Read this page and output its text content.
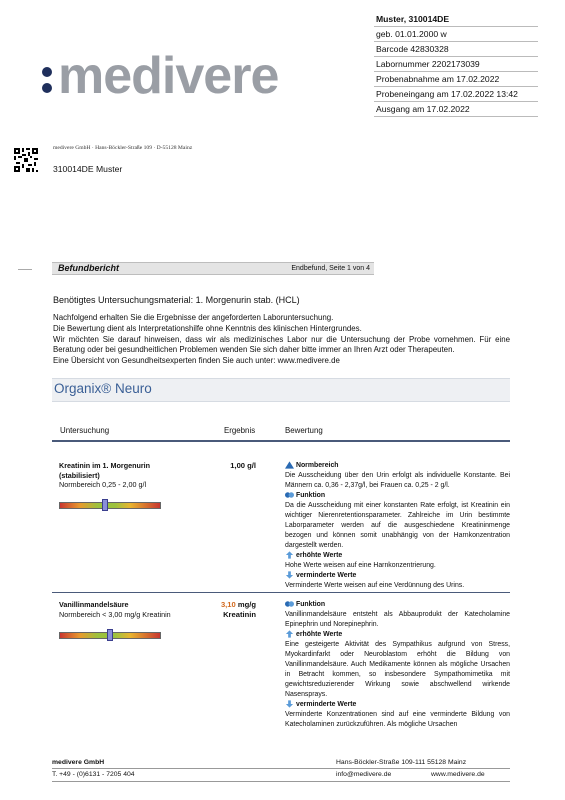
Muster, 310014DE
geb. 01.01.2000 w
Barcode 42830328
Labornummer 2202173039
Probenabnahme am 17.02.2022
Probeneingang am 17.02.2022 13:42
Ausgang am 17.02.2022
medivere
medivere GmbH · Hans-Böckler-Straße 109 · D-55128 Mainz
310014DE Muster
Befundbericht	Endbefund, Seite 1 von 4
Benötigtes Untersuchungsmaterial: 1. Morgenurin stab. (HCL)
Nachfolgend erhalten Sie die Ergebnisse der angeforderten Laboruntersuchung.
Die Bewertung dient als Interpretationshilfe ohne Kenntnis des klinischen Hintergrundes.
Wir möchten Sie darauf hinweisen, dass wir als medizinisches Labor nur die Untersuchung der Probe vornehmen. Für eine Beratung oder bei gesundheitlichen Problemen wenden Sie sich daher bitte immer an Ihren Arzt oder Therapeuten.
Eine Übersicht von Gesundheitsexperten finden Sie auch unter: www.medivere.de
Organix® Neuro
Untersuchung	Ergebnis	Bewertung
Kreatinin im 1. Morgenurin (stabilisiert)
Normbereich 0,25 - 2,00 g/l
1,00 g/l	Normbereich
Die Ausscheidung über den Urin erfolgt als individuelle Konstante. Bei Männern ca. 0,36 - 2,37g/l, bei Frauen ca. 0,25 - 2 g/l.
Funktion
Da die Ausscheidung mit einer konstanten Rate erfolgt, ist Kreatinin ein wichtiger Nierenretentionsparameter. Zahlreiche im Urin bestimmte Laborparameter werden auf die ausgeschiedene Kreatininmenge bezogen und können somit unabhängig von der Harnkonzentration dargestellt werden.
erhöhte Werte
Hohe Werte weisen auf eine Harnkonzentrierung.
verminderte Werte
Verminderte Werte weisen auf eine Verdünnung des Urins.
Vanillinmandelsäure
Normbereich < 3,00 mg/g Kreatinin
3,10 mg/g
Kreatinin
Funktion
Vanillinmandelsäure entsteht als Abbauprodukt der Katecholamine Epinephrin und Norepinephrin.
erhöhte Werte
Eine gesteigerte Aktivität des Sympathikus aufgrund von Stress, Myokardinfarkt oder Neuroblastom erhöht die Bildung von Vanillinmandelsäure. Auch Medikamente können als mögliche Ursachen in Betracht kommen, so insbesondere Sympathomimetika mit gewichtsreduzierender Wirkung sowie abschwellend wirkende Nasensprays.
verminderte Werte
Verminderte Konzentrationen sind auf eine verminderte Bildung von Katecholaminen zurückzuführen. Als mögliche Ursachen
medivere GmbH	Hans-Böckler-Straße 109-111 55128 Mainz
T. +49 - (0)6131 - 7205 404	info@medivere.de	www.medivere.de
